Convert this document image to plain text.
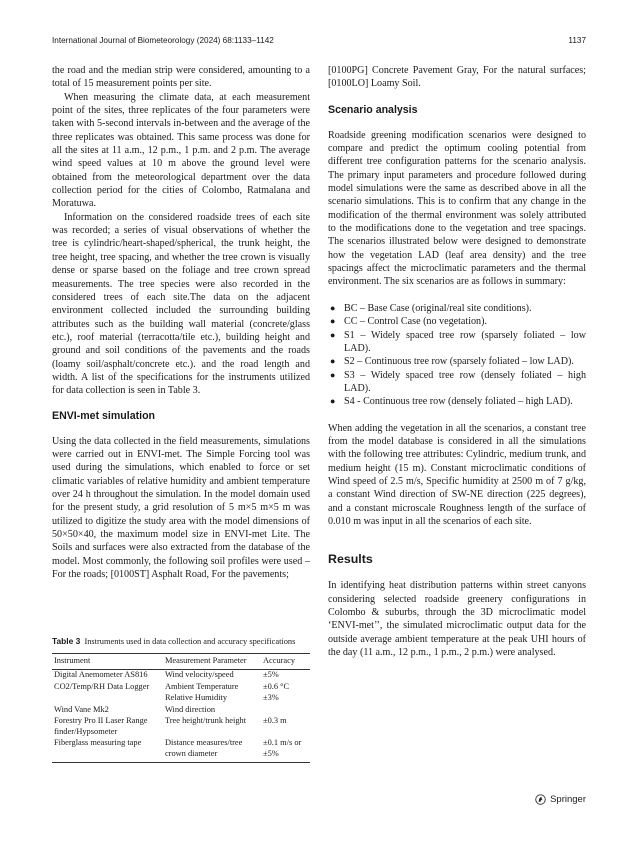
International Journal of Biometeorology (2024) 68:1133–1142	1137

the road and the median strip were considered, amounting to a total of 15 measurement points per site.

When measuring the climate data, at each measurement point of the sites, three replicates of the four parameters were taken with 5-second intervals in-between and the average of the three replicates was obtained. This same process was done for all the sites at 11 a.m., 12 p.m., 1 p.m. and 2 p.m. The average wind speed values at 10 m above the ground level were obtained from the meteorological department over the data collection period for the cities of Colombo, Ratmalana and Moratuwa.

Information on the considered roadside trees of each site was recorded; a series of visual observations of whether the tree is cylindric/heart-shaped/spherical, the trunk height, the tree height, tree spacing, and whether the tree crown is visually dense or sparse based on the foliage and tree crown spread measurements. The tree species were also recorded in the considered trees of each site.The data on the adjacent environment collected included the surrounding building attributes such as the building wall material (concrete/glass etc.), roof material (terracotta/tile etc.), building height and ground and soil conditions of the pavements and the roads (loamy soil/asphalt/concrete etc.). and the road length and width. A list of the specifications for the instruments utilized for data collection is seen in Table 3.

ENVI-met simulation

Using the data collected in the field measurements, simulations were carried out in ENVI-met. The Simple Forcing tool was used during the simulations, which enabled to force or set climatic variables of relative humidity and ambient temperature over 24 h throughout the simulation. In the model domain used for the present study, a grid resolution of 5 m×5 m×5 m was utilized to digitize the study area with the model dimensions of 50×50×40, the maximum model size in ENVI-met Lite. The Soils and surfaces were also extracted from the database of the model. Most commonly, the following soil profiles were used – For the roads; [0100ST] Asphalt Road, For the pavements;

Table 3 Instruments used in data collection and accuracy specifications
Instrument	Measurement Parameter	Accuracy
Digital Anemometer AS816	Wind velocity/speed	±5%
CO2/Temp/RH Data Logger	Ambient Temperature	±0.6 °C
	Relative Humidity	±3%
Wind Vane Mk2	Wind direction	
Forestry Pro II Laser Range finder/Hypsometer	Tree height/trunk height	±0.3 m
Fiberglass measuring tape	Distance measures/tree crown diameter	±0.1 m/s or ±5%

[0100PG] Concrete Pavement Gray, For the natural surfaces; [0100LO] Loamy Soil.

Scenario analysis

Roadside greening modification scenarios were designed to compare and predict the optimum cooling potential from different tree configuration patterns for the scenario analysis. The primary input parameters and procedure followed during model simulations were the same as described above in all the scenario simulations. This is to confirm that any change in the modification of the thermal environment was solely attributed to the modifications done to the vegetation and tree spacings. The scenarios illustrated below were designed to demonstrate how the vegetation LAD (leaf area density) and the tree spacings affect the microclimatic parameters and the thermal environment. The six scenarios are as follows in summary:

● BC – Base Case (original/real site conditions).
● CC – Control Case (no vegetation).
● S1 – Widely spaced tree row (sparsely foliated – low LAD).
● S2 – Continuous tree row (sparsely foliated – low LAD).
● S3 – Widely spaced tree row (densely foliated – high LAD).
● S4 - Continuous tree row (densely foliated – high LAD).

When adding the vegetation in all the scenarios, a constant tree from the model database is considered in all the simulations with the following tree attributes: Cylindric, medium trunk, and medium height (15 m). Constant microclimatic conditions of Wind speed of 2.5 m/s, Specific humidity at 2500 m of 7 g/kg, a constant Wind direction of SW-NE direction (225 degrees), and a constant microscale Roughness length of the surface of 0.010 m was input in all the scenarios of each site.

Results

In identifying heat distribution patterns within street canyons considering selected roadside greenery configurations in Colombo & suburbs, through the 3D microclimatic model ‘ENVI-met’’, the simulated microclimatic output data for the outside average ambient temperature at the peak UHI hours of the day (11 a.m., 12 p.m., 1 p.m., 2 p.m.) were analysed.

Springer
